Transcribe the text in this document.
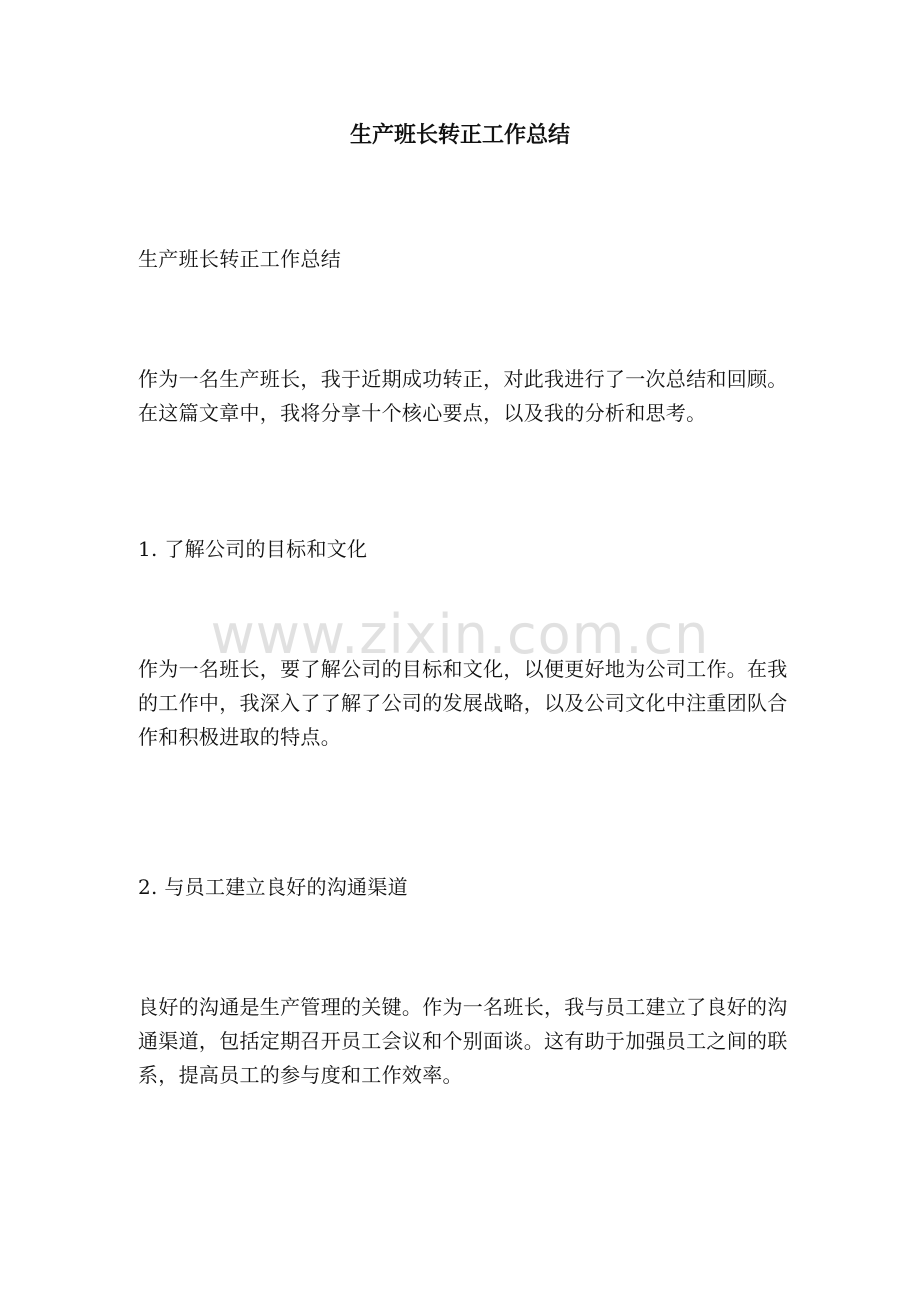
生产班长转正工作总结

生产班长转正工作总结

作为一名生产班长，我于近期成功转正，对此我进行了一次总结和回顾。在这篇文章中，我将分享十个核心要点，以及我的分析和思考。

1. 了解公司的目标和文化

作为一名班长，要了解公司的目标和文化，以便更好地为公司工作。在我的工作中，我深入了了解了公司的发展战略，以及公司文化中注重团队合作和积极进取的特点。

2. 与员工建立良好的沟通渠道

良好的沟通是生产管理的关键。作为一名班长，我与员工建立了良好的沟通渠道，包括定期召开员工会议和个别面谈。这有助于加强员工之间的联系，提高员工的参与度和工作效率。

www.zixin.com.cn
